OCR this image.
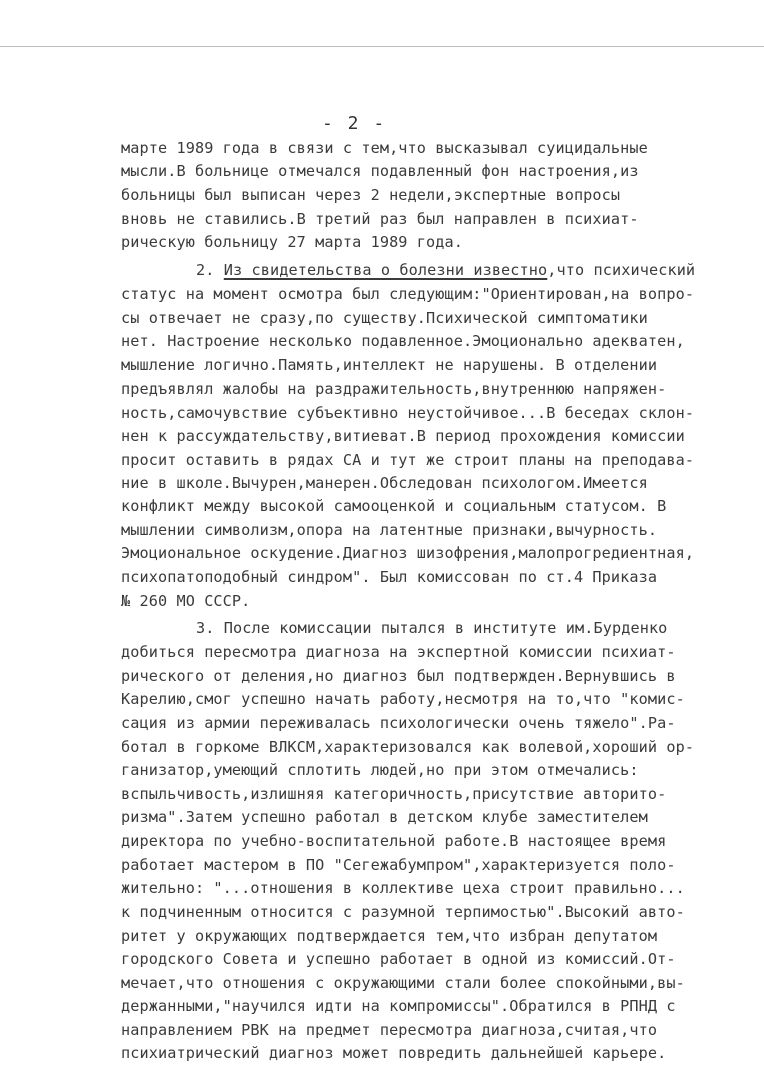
- 2 -
марте 1989 года в связи с тем,что высказывал суицидальные
мысли.В больнице отмечался подавленный фон настроения,из
больницы был выписан через 2 недели,экспертные вопросы
вновь не ставились.В третий раз был направлен в психиат-
рическую больницу 27 марта 1989 года.
2. Из свидетельства о болезни известно,что психический
статус на момент осмотра был следующим:"Ориентирован,на вопро-
сы отвечает не сразу,по существу.Психической симптоматики
нет. Настроение несколько подавленное.Эмоционально адекватен,
мышление логично.Память,интеллект не нарушены. В отделении
предъявлял жалобы на раздражительность,внутреннюю напряжен-
ность,самочувствие субъективно неустойчивое...В беседах склон-
нен к рассуждательству,витиеват.В период прохождения комиссии
просит оставить в рядах СА и тут же строит планы на преподава-
ние в школе.Вычурен,манерен.Обследован психологом.Имеется
конфликт между высокой самооценкой и социальным статусом. В
мышлении символизм,опора на латентные признаки,вычурность.
Эмоциональное оскудение.Диагноз шизофрения,малопрогредиентная,
психопатоподобный синдром". Был комиссован по ст.4 Приказа
№ 260 МО СССР.
3. После комиссации пытался в институте им.Бурденко
добиться пересмотра диагноза на экспертной комиссии психиат-
рического от деления,но диагноз был подтвержден.Вернувшись в
Карелию,смог успешно начать работу,несмотря на то,что "комис-
сация из армии переживалась психологически очень тяжело".Ра-
ботал в горкоме ВЛКСМ,характеризовался как волевой,хороший ор-
ганизатор,умеющий сплотить людей,но при этом отмечались:
вспыльчивость,излишняя категоричность,присутствие авторито-
ризма".Затем успешно работал в детском клубе заместителем
директора по учебно-воспитательной работе.В настоящее время
работает мастером в ПО "Сегежабумпром",характеризуется поло-
жительно: "...отношения в коллективе цеха строит правильно...
к подчиненным относится с разумной терпимостью".Высокий авто-
ритет у окружающих подтверждается тем,что избран депутатом
городского Совета и успешно работает в одной из комиссий.От-
мечает,что отношения с окружающими стали более спокойными,вы-
держанными,"научился идти на компромиссы".Обратился в РПНД с
направлением РВК на предмет пересмотра диагноза,считая,что
психиатрический диагноз может повредить дальнейшей карьере.
